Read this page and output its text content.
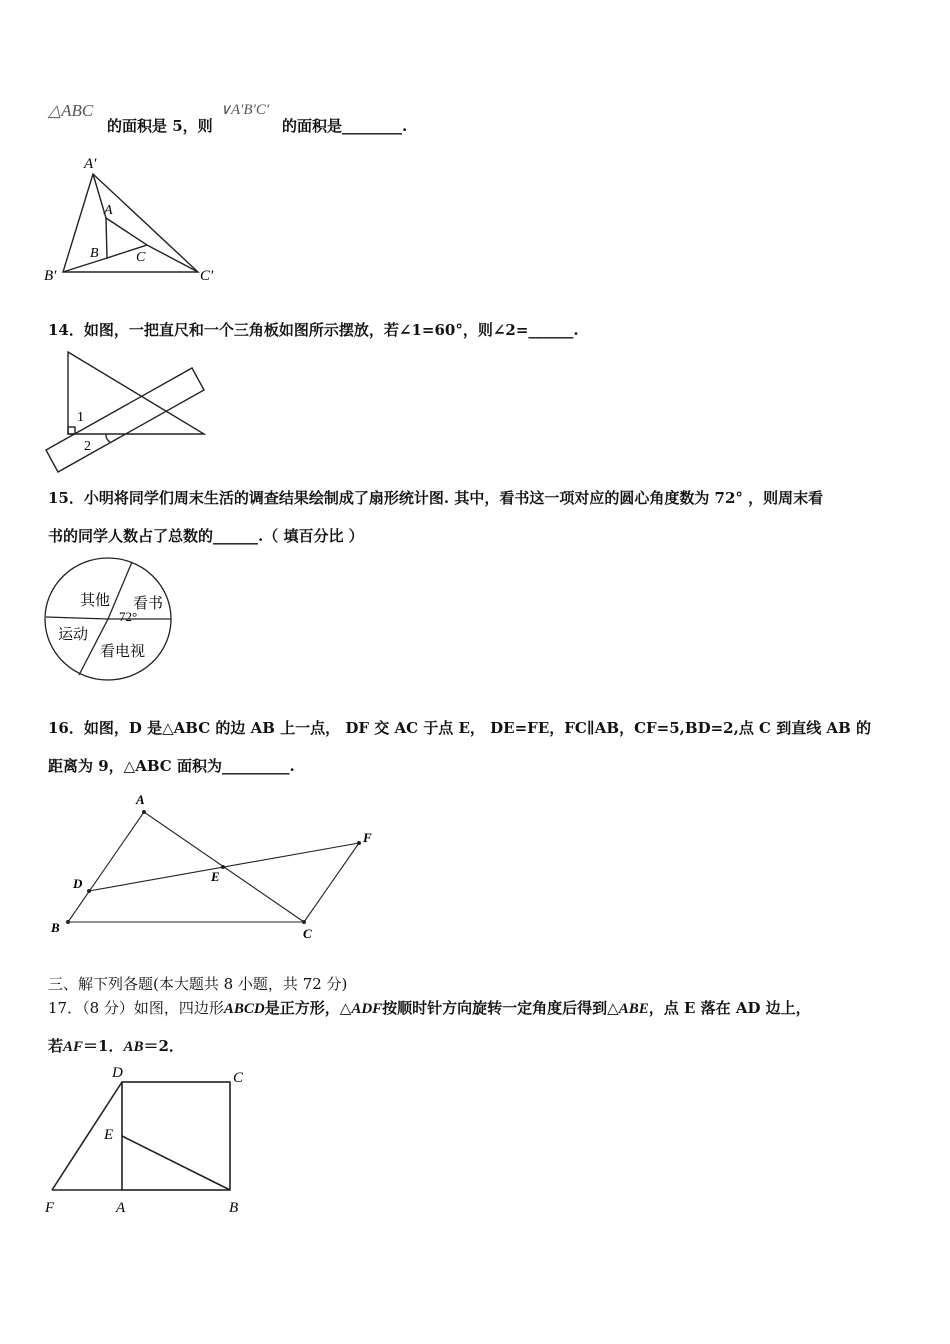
△ABC
的面积是 5，则
∨A′B′C′
的面积是________.
A′
A
B	C
B′	C′
14．如图，一把直尺和一个三角板如图所示摆放，若∠1=60°，则∠2=______.
1
2
15．小明将同学们周末生活的调查结果绘制成了扇形统计图. 其中，看书这一项对应的圆心角度数为 72° ，则周末看
书的同学人数占了总数的______.（ 填百分比 ）
其他 看书
72°
运动
看电视
16．如图，D 是△ABC 的边 AB 上一点， DF 交 AC 于点 E， DE=FE，FC∥AB，CF=5,BD=2,点 C 到直线 AB 的
距离为 9，△ABC 面积为_________.
A
F
E
D
B	C
三、解下列各题(本大题共 8 小题，共 72 分)
17．（8 分）如图，四边形ABCD是正方形，△ADF按顺时针方向旋转一定角度后得到△ABE，点 E 落在 AD 边上，
若AF＝1．AB＝2．
D	C
E
F	A	B
